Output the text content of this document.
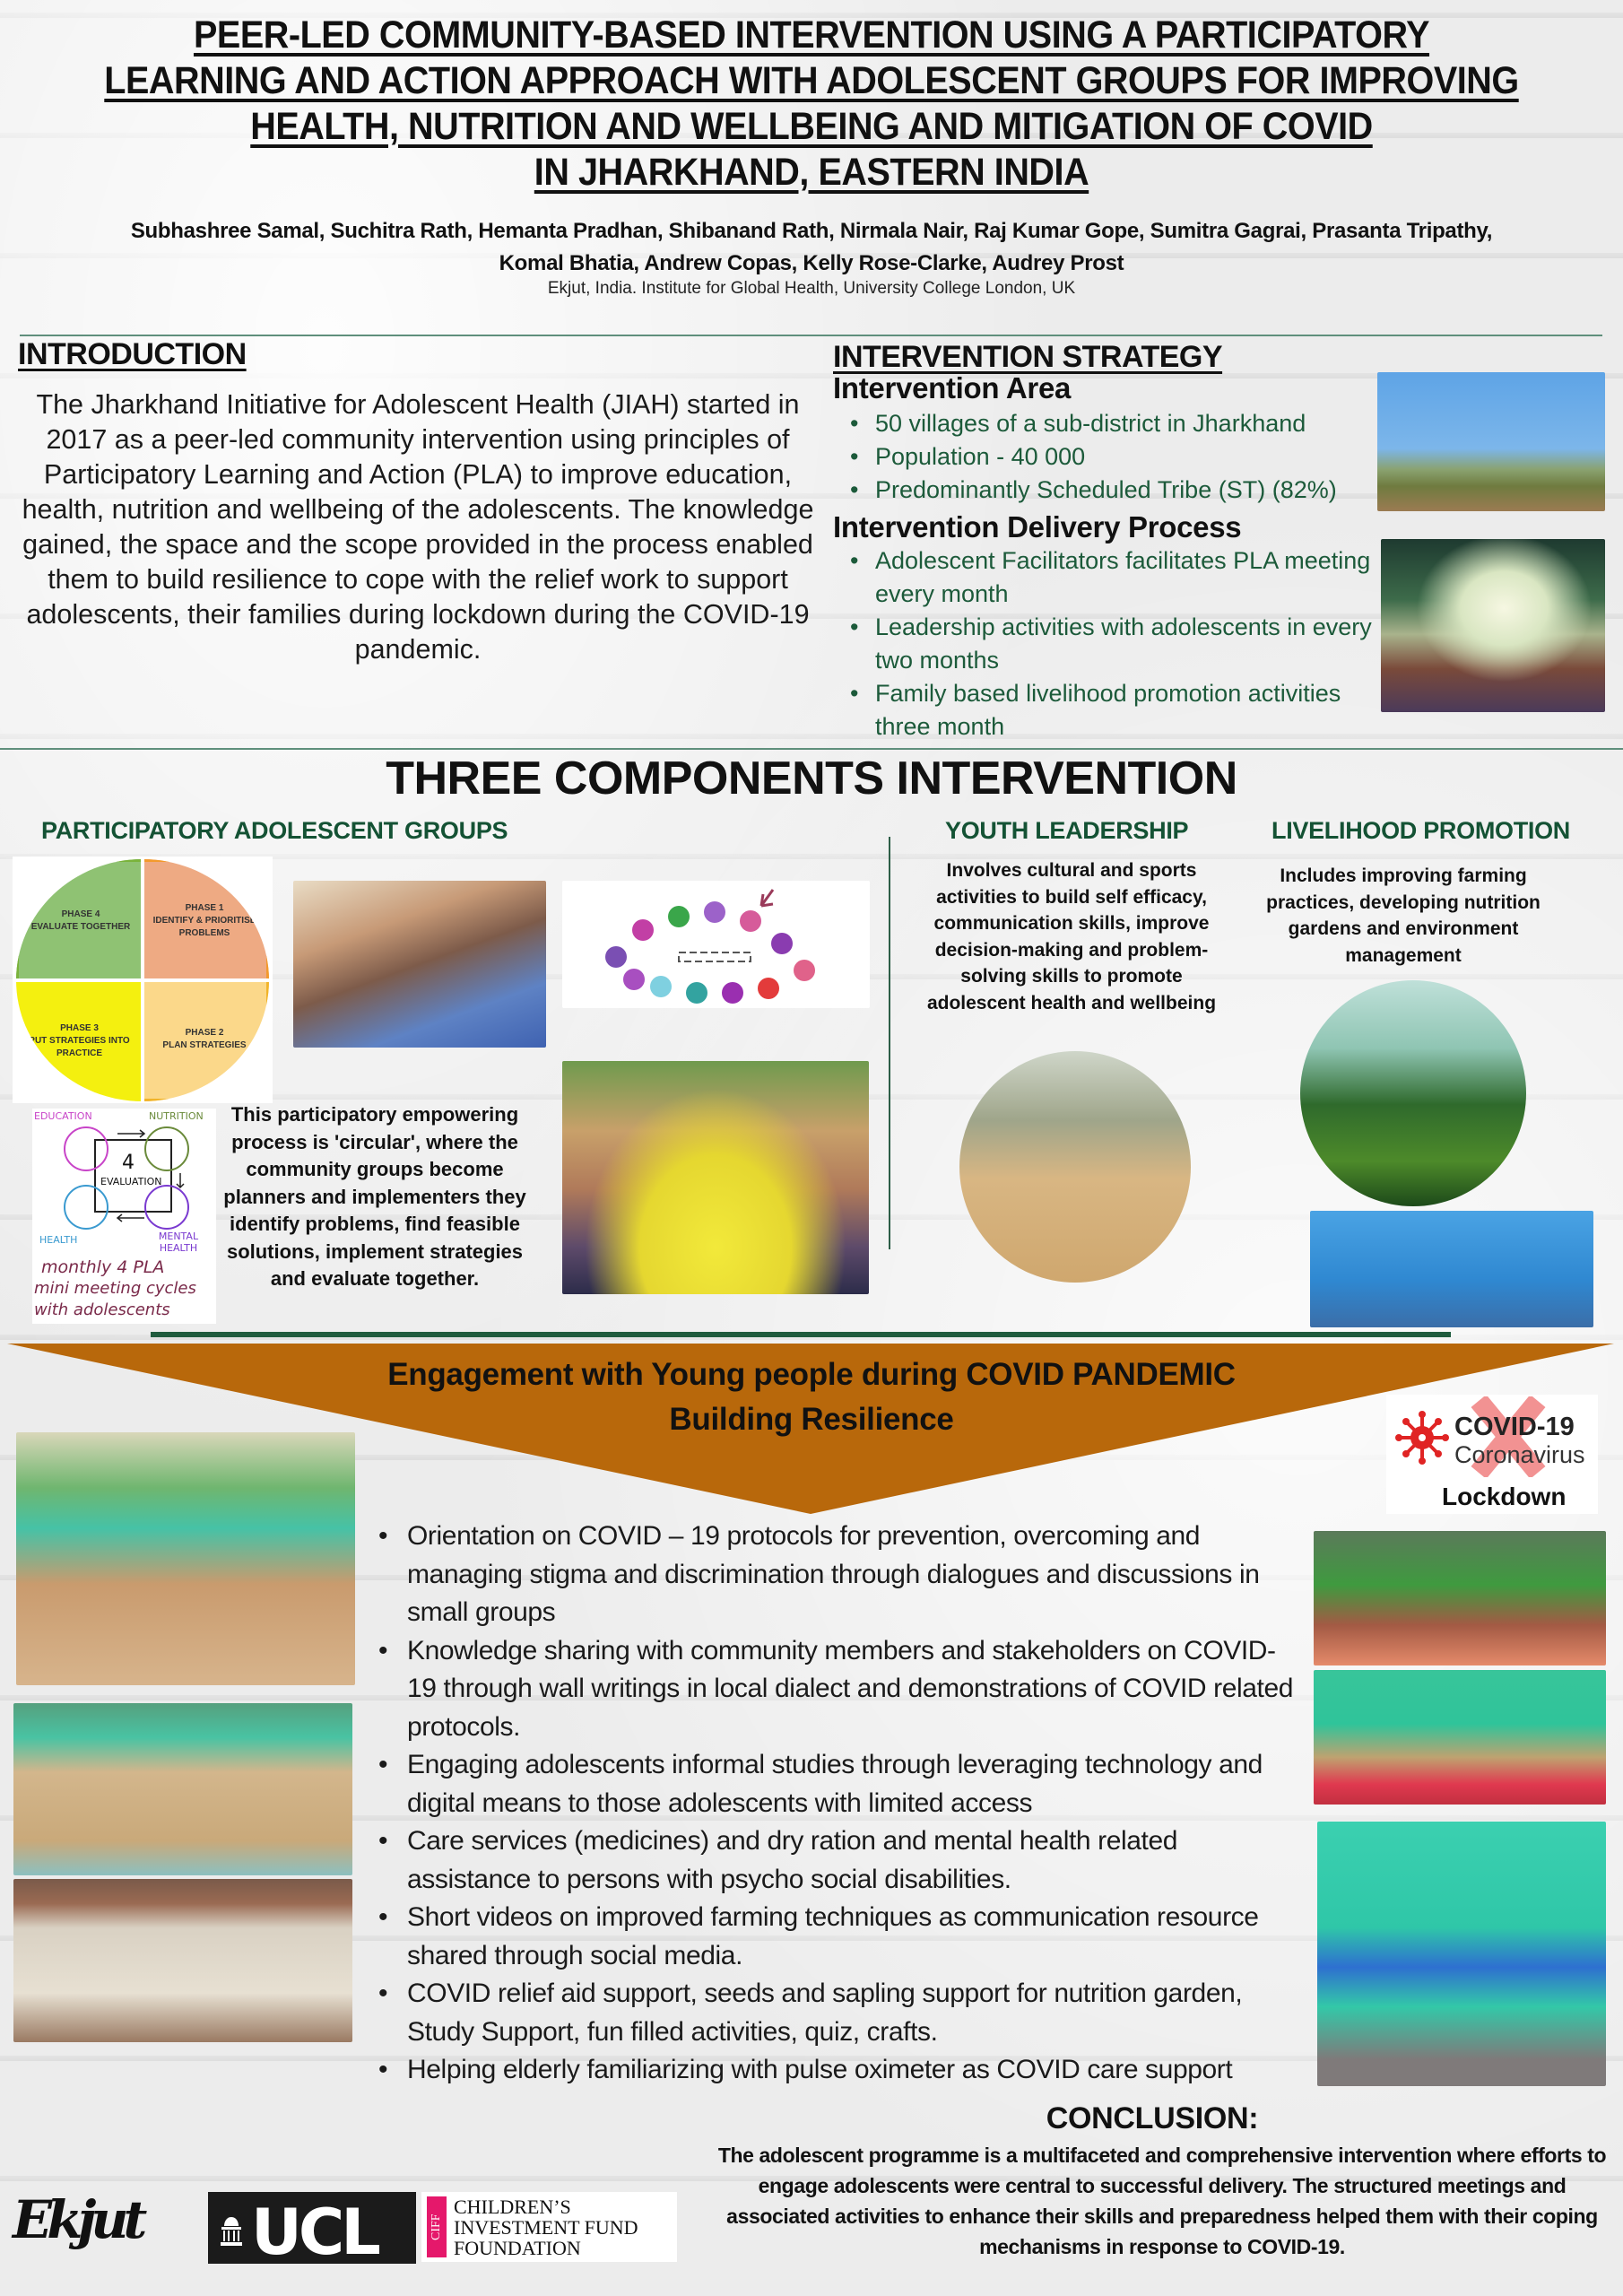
PEER-LED COMMUNITY-BASED INTERVENTION USING A PARTICIPATORY
LEARNING AND ACTION APPROACH WITH ADOLESCENT GROUPS FOR IMPROVING
HEALTH, NUTRITION AND WELLBEING AND MITIGATION OF COVID
IN JHARKHAND, EASTERN INDIA
Subhashree Samal, Suchitra Rath, Hemanta Pradhan, Shibanand Rath, Nirmala Nair, Raj Kumar Gope, Sumitra Gagrai, Prasanta Tripathy,
Komal Bhatia, Andrew Copas, Kelly Rose-Clarke, Audrey Prost
Ekjut, India. Institute for Global Health, University College London, UK
INTRODUCTION
The Jharkhand Initiative for Adolescent Health (JIAH) started in 2017 as a peer-led community intervention using principles of Participatory Learning and Action (PLA) to improve education, health, nutrition and wellbeing of the adolescents. The knowledge gained, the space and the scope provided in the process enabled them to build resilience to cope with the relief work to support adolescents, their families during lockdown during the COVID-19 pandemic.
INTERVENTION STRATEGY
Intervention Area
• 50 villages of a sub-district in Jharkhand
• Population - 40 000
• Predominantly Scheduled Tribe (ST) (82%)
Intervention Delivery Process
• Adolescent Facilitators facilitates PLA meeting every month
• Leadership activities with adolescents in every two months
• Family based livelihood promotion activities three month
THREE COMPONENTS INTERVENTION
PARTICIPATORY ADOLESCENT GROUPS
PHASE 4
EVALUATE TOGETHER
PHASE 1
IDENTIFY & PRIORITISE PROBLEMS
PHASE 3
PUT STRATEGIES INTO PRACTICE
PHASE 2
PLAN STRATEGIES
EDUCATION	NUTRITION
4
EVALUATION
HEALTH	MENTAL HEALTH
monthly 4 PLA
mini meeting cycles
with adolescents
This participatory empowering process is 'circular', where the community groups become planners and implementers they identify problems, find feasible solutions, implement strategies and evaluate together.
YOUTH LEADERSHIP
Involves cultural and sports activities to build self efficacy, communication skills, improve decision-making and problem-solving skills to promote adolescent health and wellbeing
LIVELIHOOD PROMOTION
Includes improving farming practices, developing nutrition gardens and environment management
Engagement with Young people during COVID PANDEMIC
Building Resilience	COVID-19
Coronavirus
Lockdown
• Orientation on COVID – 19 protocols for prevention, overcoming and managing stigma and discrimination through dialogues and discussions in small groups
• Knowledge sharing with community members and stakeholders on COVID-19 through wall writings in local dialect and demonstrations of COVID related protocols.
• Engaging adolescents informal studies through leveraging technology and digital means to those adolescents with limited access
• Care services (medicines) and dry ration and mental health related assistance to persons with psycho social disabilities.
• Short videos on improved farming techniques as communication resource shared through social media.
• COVID relief aid support, seeds and sapling support for nutrition garden, Study Support, fun filled activities, quiz, crafts.
• Helping elderly familiarizing with pulse oximeter as COVID care support
CONCLUSION:
The adolescent programme is a multifaceted and comprehensive intervention where efforts to engage adolescents were central to successful delivery. The structured meetings and associated activities to enhance their skills and preparedness helped them with their coping mechanisms in response to COVID-19.
Ekjut	UCL	CIFF
CHILDREN’S
INVESTMENT FUND
FOUNDATION
